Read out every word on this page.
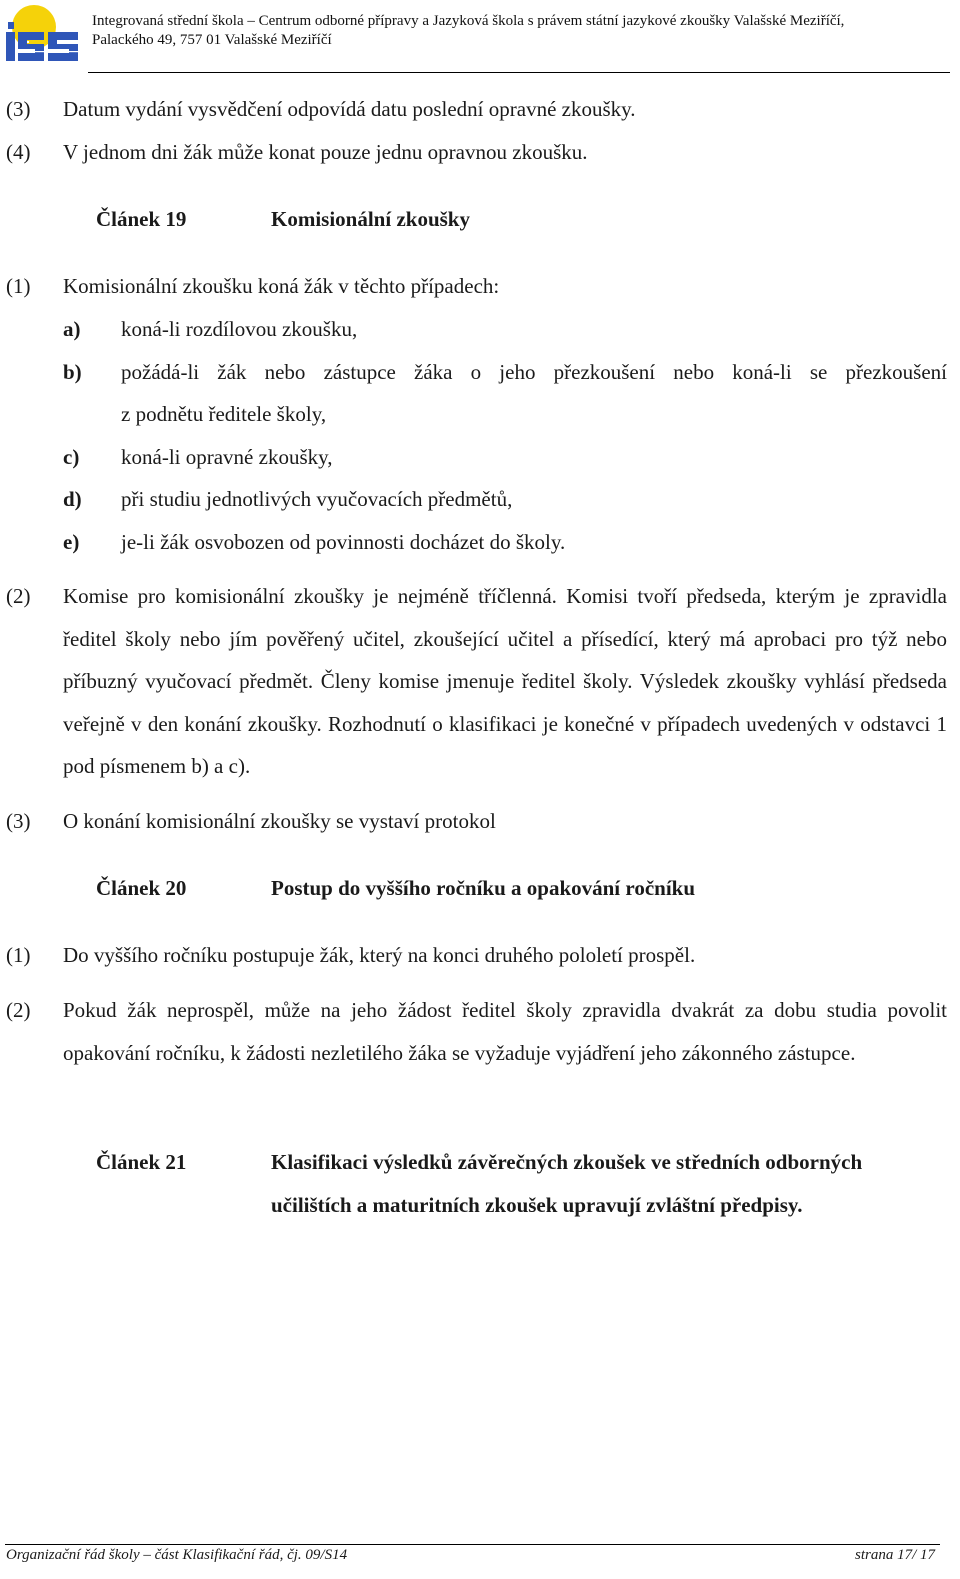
Integrovaná střední škola – Centrum odborné přípravy a Jazyková škola s právem státní jazykové zkoušky Valašské Meziříčí,
Palackého 49, 757 01 Valašské Meziříčí
(3) Datum vydání vysvědčení odpovídá datu poslední opravné zkoušky.
(4) V jednom dni žák může konat pouze jednu opravnou zkoušku.
Článek 19	Komisionální zkoušky
(1) Komisionální zkoušku koná žák v těchto případech:
a) koná-li rozdílovou zkoušku,
b) požádá-li žák nebo zástupce žáka o jeho přezkoušení nebo koná-li se přezkoušení
z podnětu ředitele školy,
c) koná-li opravné zkoušky,
d) při studiu jednotlivých vyučovacích předmětů,
e) je-li žák osvobozen od povinnosti docházet do školy.
(2) Komise pro komisionální zkoušky je nejméně tříčlenná. Komisi tvoří předseda, kterým je zpravidla ředitel školy nebo jím pověřený učitel, zkoušející učitel a přísedící, který má aprobaci pro týž nebo příbuzný vyučovací předmět. Členy komise jmenuje ředitel školy. Výsledek zkoušky vyhlásí předseda veřejně v den konání zkoušky. Rozhodnutí o klasifikaci je konečné v případech uvedených v odstavci 1 pod písmenem b) a c).
(3) O konání komisionální zkoušky se vystaví protokol
Článek 20	Postup do vyššího ročníku a opakování ročníku
(1) Do vyššího ročníku postupuje žák, který na konci druhého pololetí prospěl.
(2) Pokud žák neprospěl, může na jeho žádost ředitel školy zpravidla dvakrát za dobu studia povolit opakování ročníku, k žádosti nezletilého žáka se vyžaduje vyjádření jeho zákonného zástupce.
Článek 21	Klasifikaci výsledků závěrečných zkoušek ve středních odborných učilištích a maturitních zkoušek upravují zvláštní předpisy.
Organizační řád školy – část Klasifikační řád, čj. 09/S14	strana 17/ 17
